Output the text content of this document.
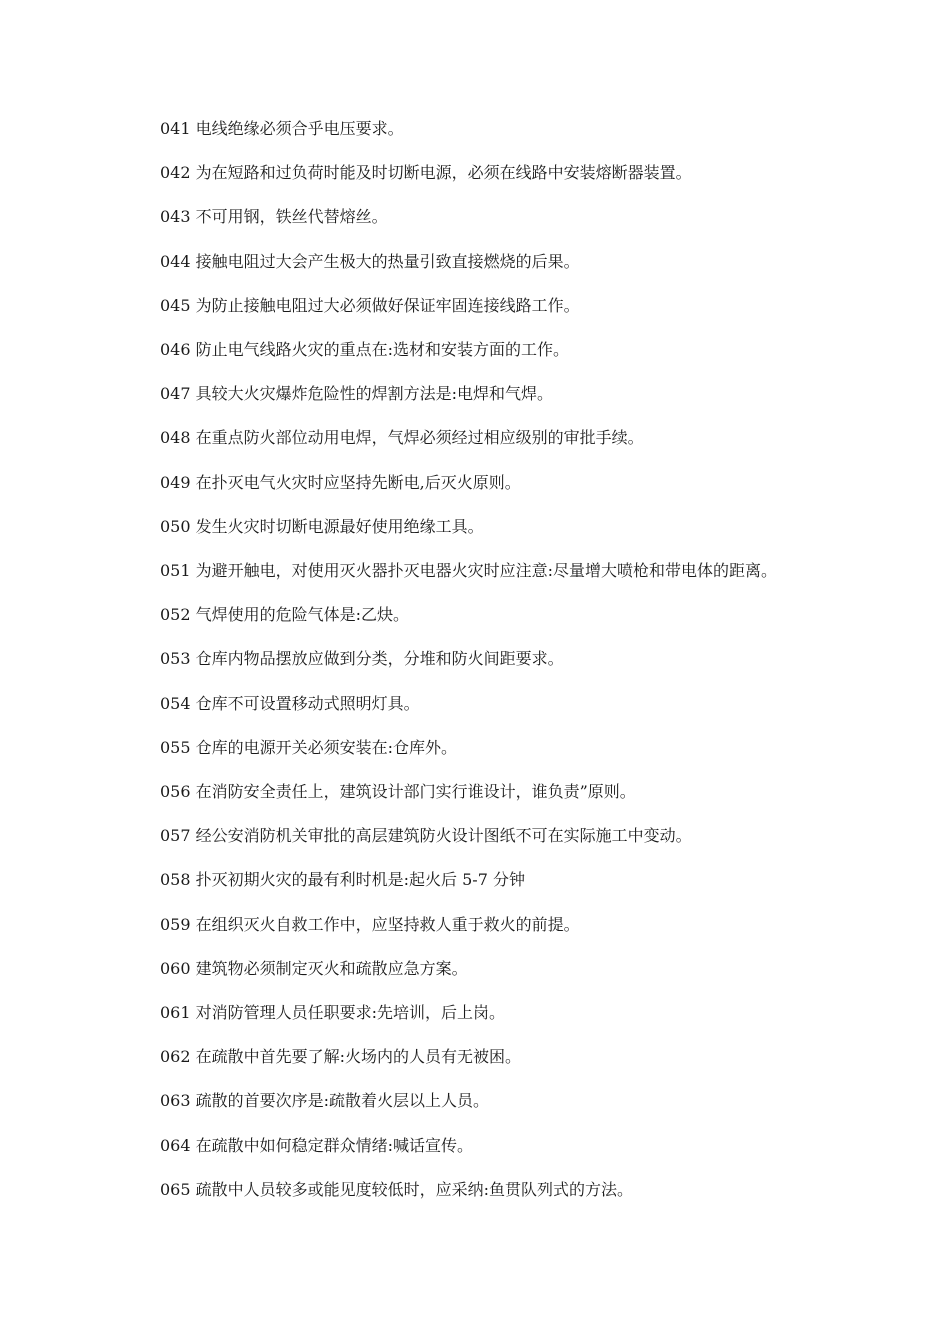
041 电线绝缘必须合乎电压要求。

042 为在短路和过负荷时能及时切断电源，必须在线路中安装熔断器装置。

043 不可用钢，铁丝代替熔丝。

044 接触电阻过大会产生极大的热量引致直接燃烧的后果。

045 为防止接触电阻过大必须做好保证牢固连接线路工作。

046 防止电气线路火灾的重点在:选材和安装方面的工作。

047 具较大火灾爆炸危险性的焊割方法是:电焊和气焊。

048 在重点防火部位动用电焊，气焊必须经过相应级别的审批手续。

049 在扑灭电气火灾时应坚持先断电,后灭火原则。

050 发生火灾时切断电源最好使用绝缘工具。

051 为避开触电，对使用灭火器扑灭电器火灾时应注意:尽量增大喷枪和带电体的距离。

052 气焊使用的危险气体是:乙炔。

053 仓库内物品摆放应做到分类，分堆和防火间距要求。

054 仓库不可设置移动式照明灯具。

055 仓库的电源开关必须安装在:仓库外。

056 在消防安全责任上，建筑设计部门实行谁设计，谁负责”原则。

057 经公安消防机关审批的高层建筑防火设计图纸不可在实际施工中变动。

058 扑灭初期火灾的最有利时机是:起火后 5-7 分钟

059 在组织灭火自救工作中，应坚持救人重于救火的前提。

060 建筑物必须制定灭火和疏散应急方案。

061 对消防管理人员任职要求:先培训，后上岗。

062 在疏散中首先要了解:火场内的人员有无被困。

063 疏散的首要次序是:疏散着火层以上人员。

064 在疏散中如何稳定群众情绪:喊话宣传。

065 疏散中人员较多或能见度较低时，应采纳:鱼贯队列式的方法。
